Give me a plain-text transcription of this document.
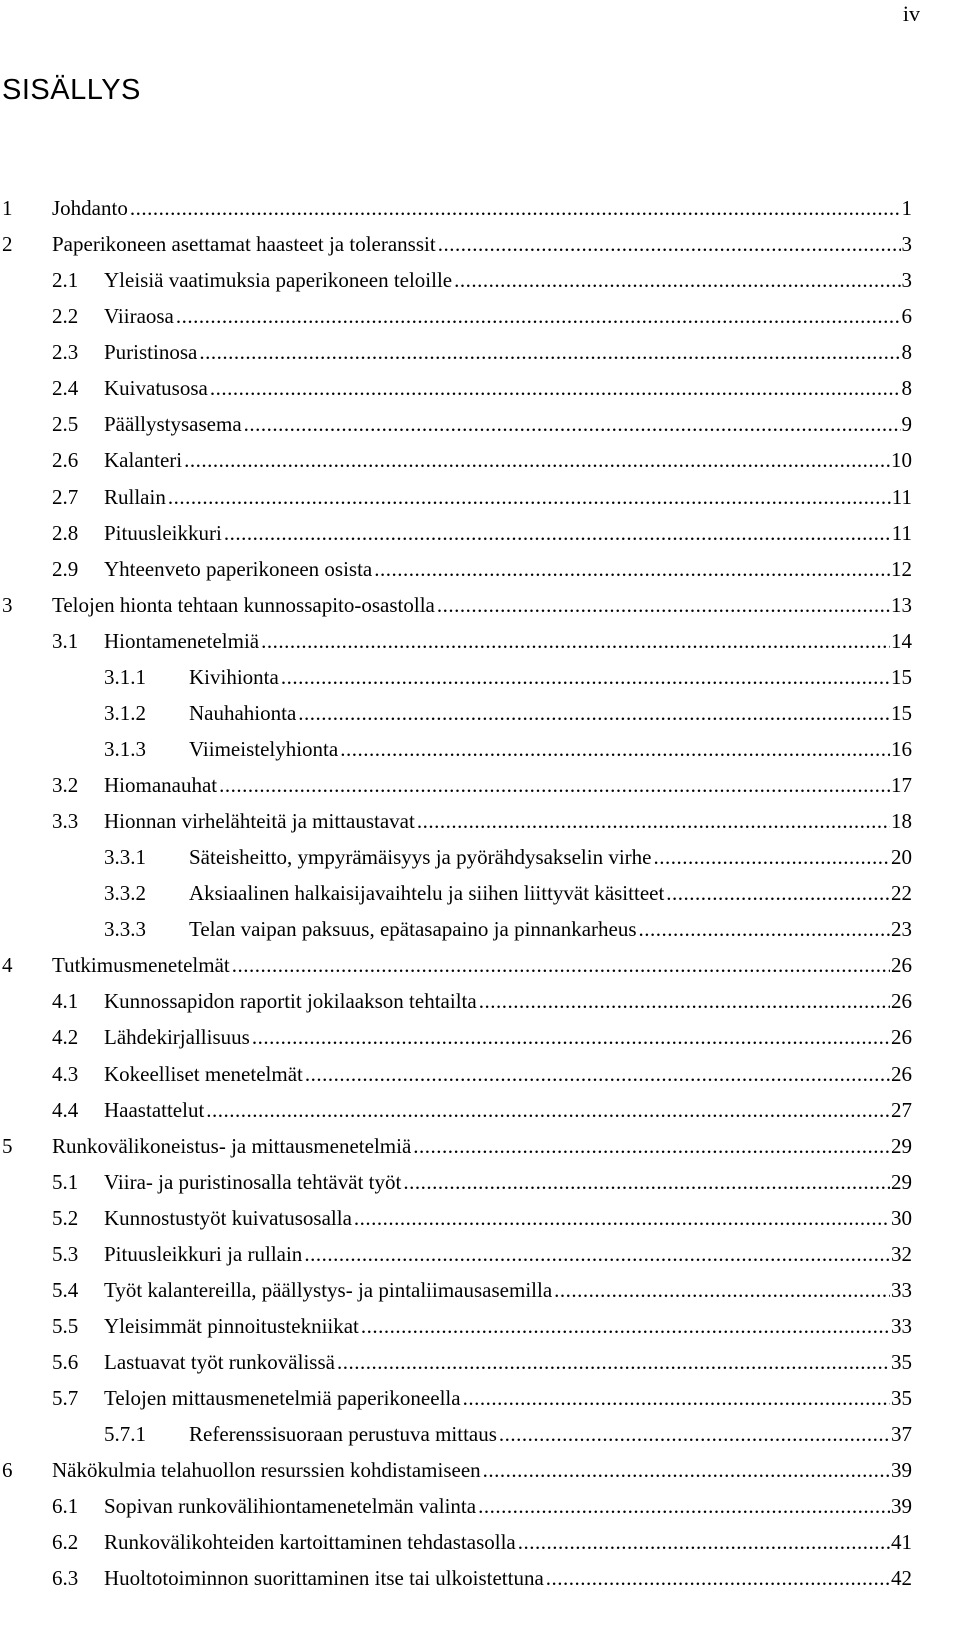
iv
SISÄLLYS
1 Johdanto .....	1
2 Paperikoneen asettamat haasteet ja toleranssit .....	3
2.1 Yleisiä vaatimuksia paperikoneen teloille .....	3
2.2 Viiraosa .....	6
2.3 Puristinosa .....	8
2.4 Kuivatusosa .....	8
2.5 Päällystysasema .....	9
2.6 Kalanteri .....	10
2.7 Rullain .....	11
2.8 Pituusleikkuri .....	11
2.9 Yhteenveto paperikoneen osista .....	12
3 Telojen hionta tehtaan kunnossapito-osastolla .....	13
3.1 Hiontamenetelmiä .....	14
3.1.1 Kivihionta .....	15
3.1.2 Nauhahionta .....	15
3.1.3 Viimeistelyhionta .....	16
3.2 Hiomanauhat .....	17
3.3 Hionnan virhelähteitä ja mittaustavat .....	18
3.3.1 Säteisheitto, ympyrämäisyys ja pyörähdysakselin virhe .....	20
3.3.2 Aksiaalinen halkaisijavaihtelu ja siihen liittyvät käsitteet .....	22
3.3.3 Telan vaipan paksuus, epätasapaino ja pinnankarheus .....	23
4 Tutkimusmenetelmät .....	26
4.1 Kunnossapidon raportit jokilaakson tehtailta .....	26
4.2 Lähdekirjallisuus .....	26
4.3 Kokeelliset menetelmät .....	26
4.4 Haastattelut .....	27
5 Runkovälikoneistus- ja mittausmenetelmiä .....	29
5.1 Viira- ja puristinosalla tehtävät työt .....	29
5.2 Kunnostustyöt kuivatusosalla .....	30
5.3 Pituusleikkuri ja rullain .....	32
5.4 Työt kalantereilla, päällystys- ja pintaliimausasemilla .....	33
5.5 Yleisimmät pinnoitustekniikat .....	33
5.6 Lastuavat työt runkovälissä .....	35
5.7 Telojen mittausmenetelmiä paperikoneella .....	35
5.7.1 Referenssisuoraan perustuva mittaus .....	37
6 Näkökulmia telahuollon resurssien kohdistamiseen .....	39
6.1 Sopivan runkovälihiontamenetelmän valinta .....	39
6.2 Runkovälikohteiden kartoittaminen tehdastasolla .....	41
6.3 Huoltotoiminnon suorittaminen itse tai ulkoistettuna .....	42
